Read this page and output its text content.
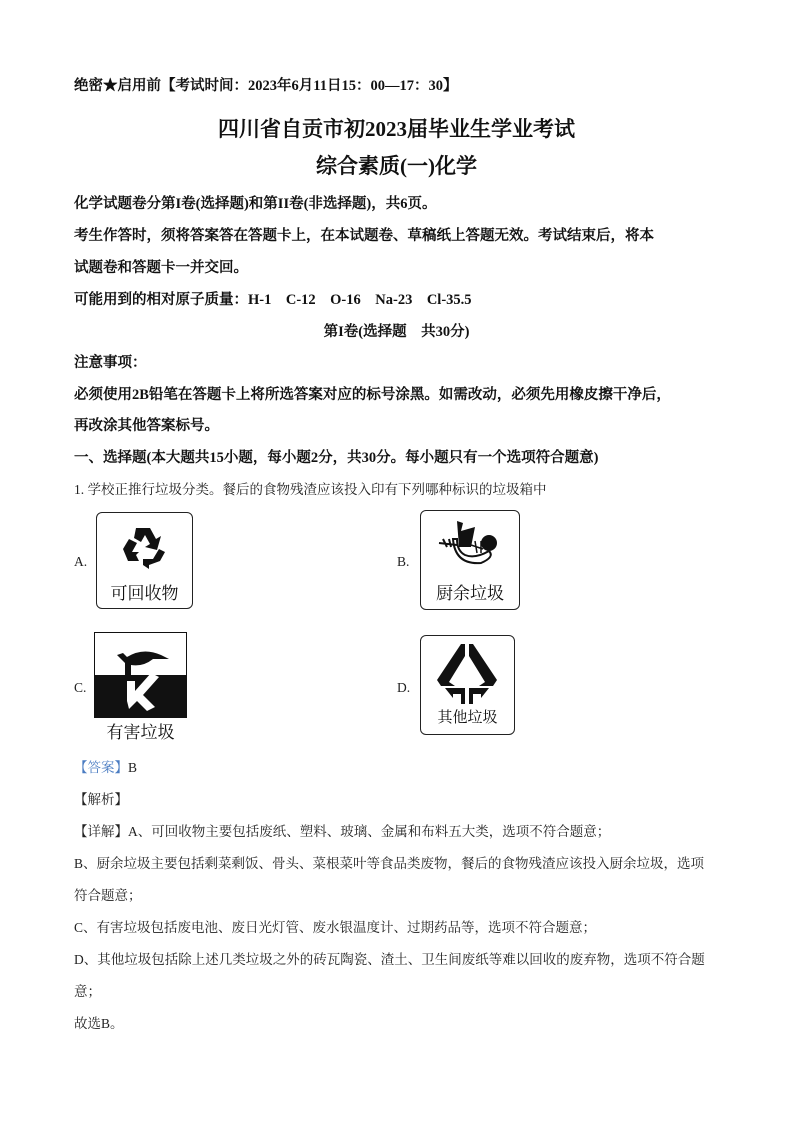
绝密★启用前【考试时间：2023年6月11日15：00—17：30】
四川省自贡市初2023届毕业生学业考试
综合素质(一)化学
化学试题卷分第I卷(选择题)和第II卷(非选择题)，共6页。
考生作答时，须将答案答在答题卡上，在本试题卷、草稿纸上答题无效。考试结束后，将本
试题卷和答题卡一并交回。
可能用到的相对原子质量：H-1    C-12    O-16    Na-23    Cl-35.5
第I卷(选择题    共30分)
注意事项：
必须使用2B铅笔在答题卡上将所选答案对应的标号涂黑。如需改动，必须先用橡皮擦干净后，
再改涂其他答案标号。
一、选择题(本大题共15小题，每小题2分，共30分。每小题只有一个选项符合题意)
1. 学校正推行垃圾分类。餐后的食物残渣应该投入印有下列哪种标识的垃圾箱中
A.
可回收物
B.
厨余垃圾
C.
有害垃圾
D.
其他垃圾
【答案】B
【解析】
【详解】A、可回收物主要包括废纸、塑料、玻璃、金属和布料五大类，选项不符合题意；
B、厨余垃圾主要包括剩菜剩饭、骨头、菜根菜叶等食品类废物，餐后的食物残渣应该投入厨余垃圾，选项
符合题意；
C、有害垃圾包括废电池、废日光灯管、废水银温度计、过期药品等，选项不符合题意；
D、其他垃圾包括除上述几类垃圾之外的砖瓦陶瓷、渣土、卫生间废纸等难以回收的废弃物，选项不符合题
意；
故选B。
